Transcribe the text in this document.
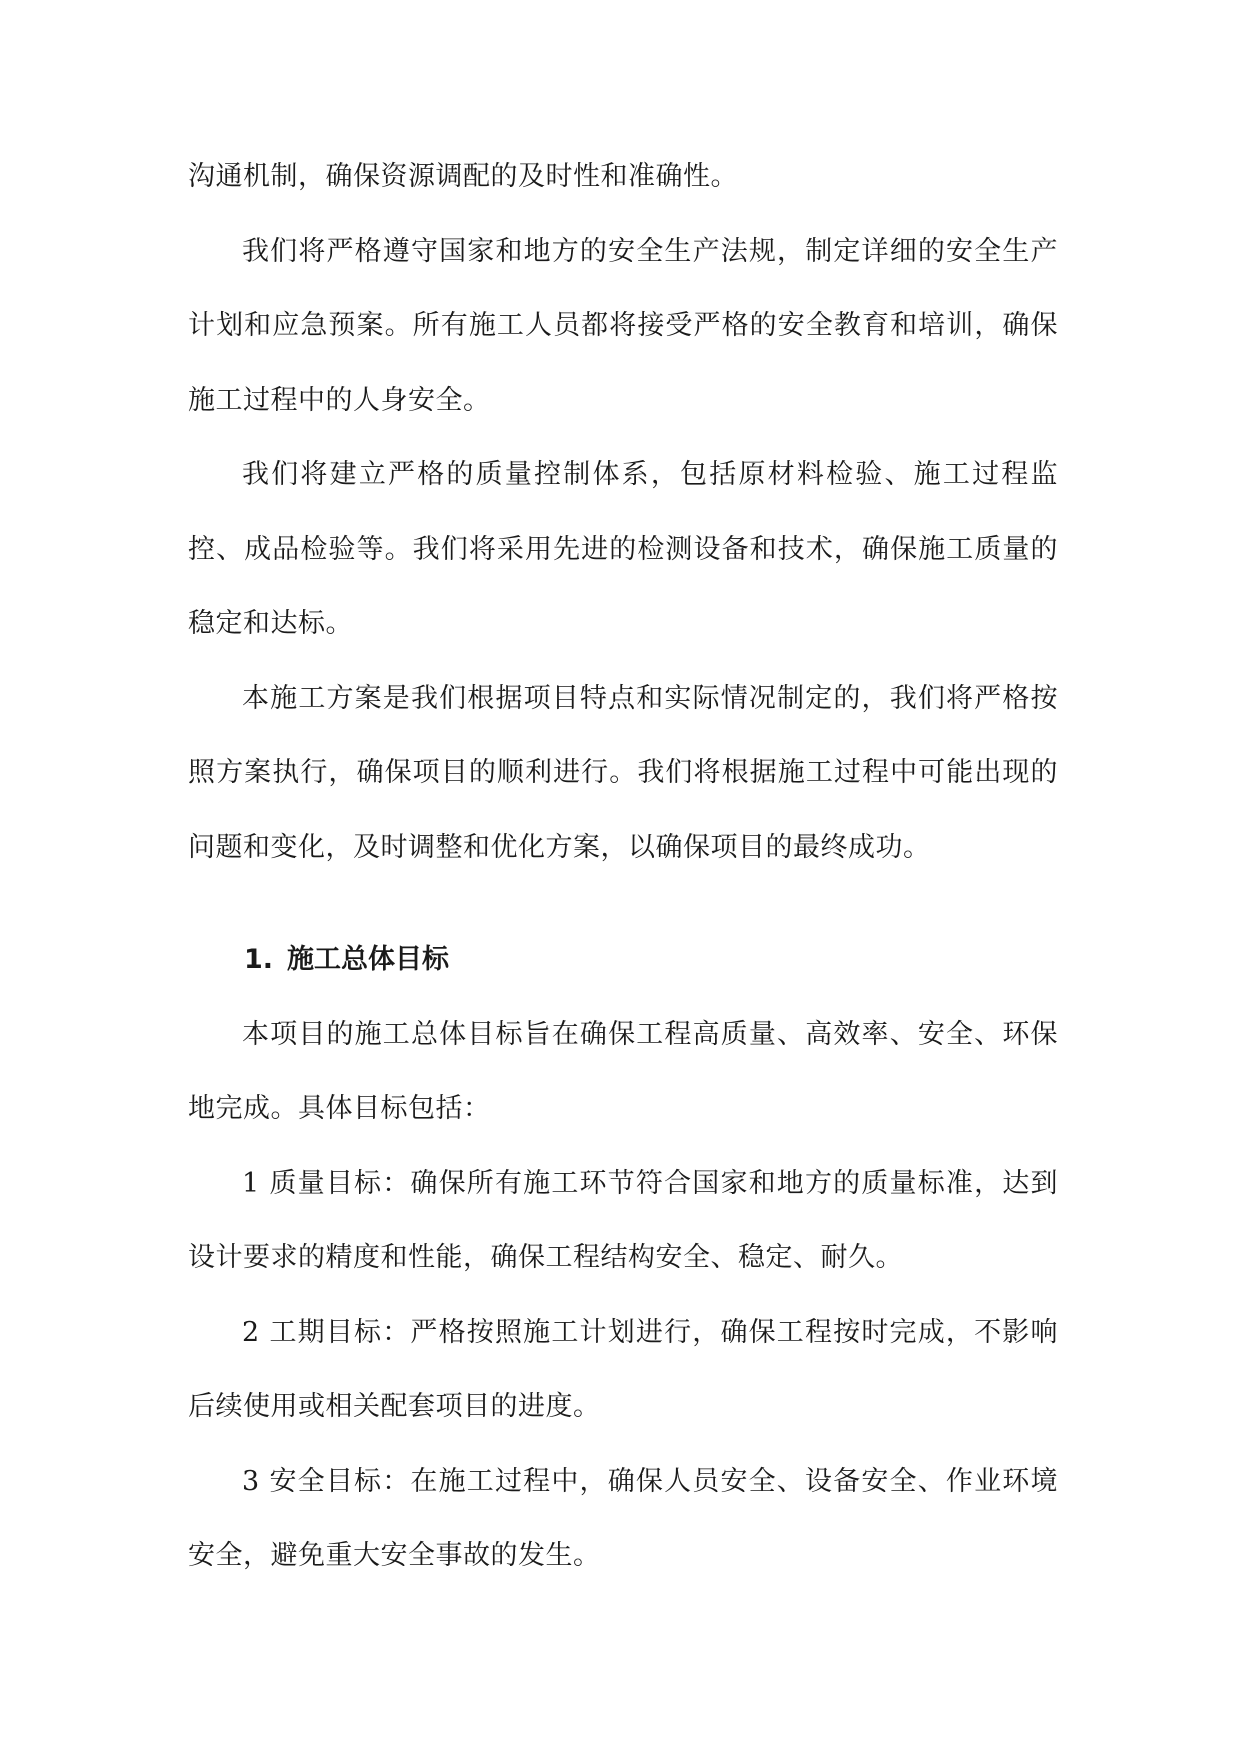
沟通机制，确保资源调配的及时性和准确性。

我们将严格遵守国家和地方的安全生产法规，制定详细的安全生产计划和应急预案。所有施工人员都将接受严格的安全教育和培训，确保施工过程中的人身安全。

我们将建立严格的质量控制体系，包括原材料检验、施工过程监控、成品检验等。我们将采用先进的检测设备和技术，确保施工质量的稳定和达标。

本施工方案是我们根据项目特点和实际情况制定的，我们将严格按照方案执行，确保项目的顺利进行。我们将根据施工过程中可能出现的问题和变化，及时调整和优化方案，以确保项目的最终成功。

1. 施工总体目标

本项目的施工总体目标旨在确保工程高质量、高效率、安全、环保地完成。具体目标包括：

1 质量目标：确保所有施工环节符合国家和地方的质量标准，达到设计要求的精度和性能，确保工程结构安全、稳定、耐久。

2 工期目标：严格按照施工计划进行，确保工程按时完成，不影响后续使用或相关配套项目的进度。

3 安全目标：在施工过程中，确保人员安全、设备安全、作业环境安全，避免重大安全事故的发生。
